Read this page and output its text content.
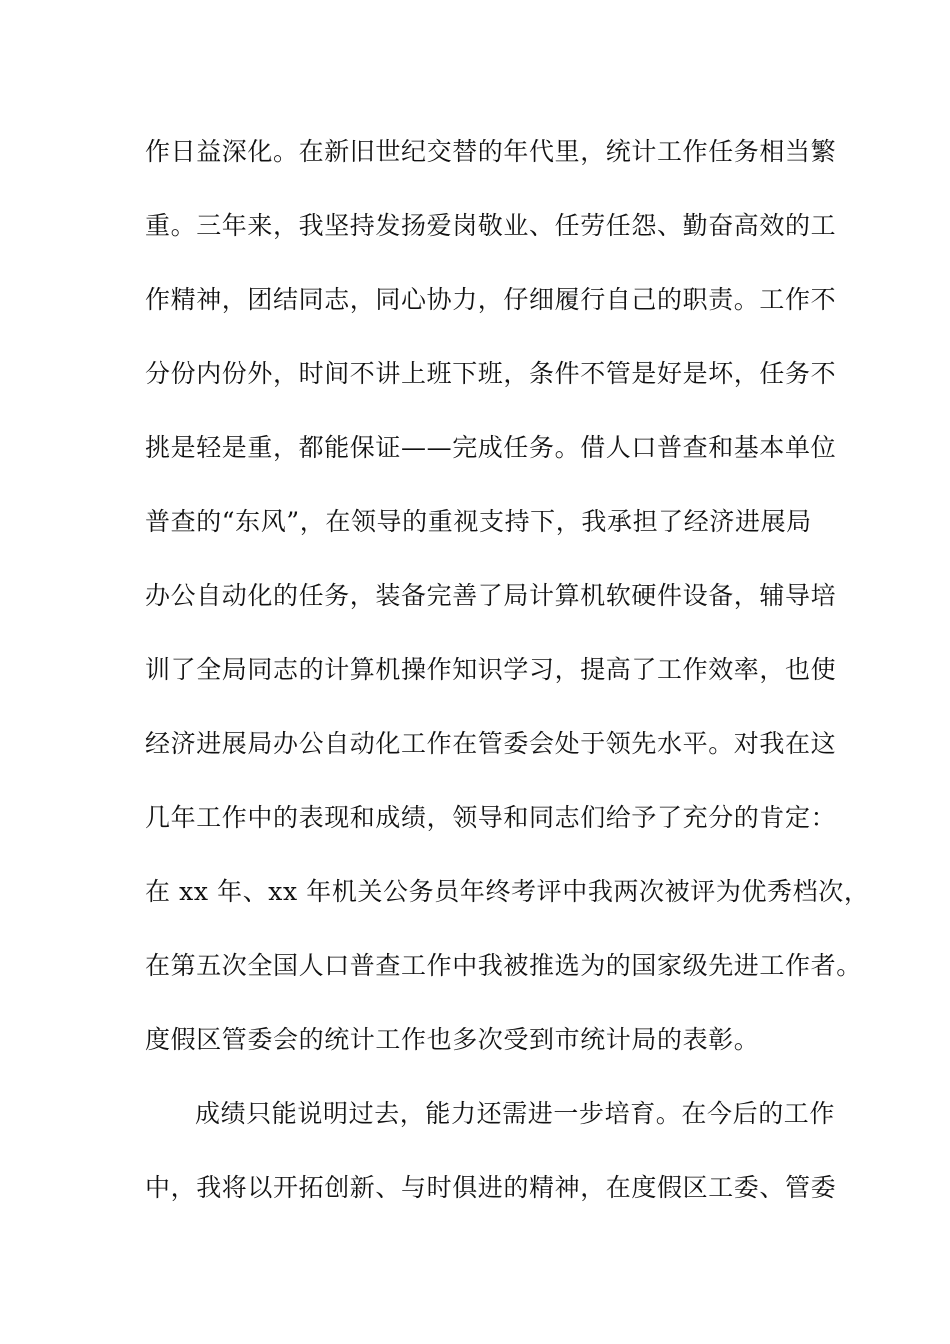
作日益深化。在新旧世纪交替的年代里，统计工作任务相当繁
重。三年来，我坚持发扬爱岗敬业、任劳任怨、勤奋高效的工
作精神，团结同志，同心协力，仔细履行自己的职责。工作不
分份内份外，时间不讲上班下班，条件不管是好是坏，任务不
挑是轻是重，都能保证——完成任务。借人口普查和基本单位
普查的“东风”，在领导的重视支持下，我承担了经济进展局
办公自动化的任务，装备完善了局计算机软硬件设备，辅导培
训了全局同志的计算机操作知识学习，提高了工作效率，也使
经济进展局办公自动化工作在管委会处于领先水平。对我在这
几年工作中的表现和成绩，领导和同志们给予了充分的肯定：
在 xx 年、xx 年机关公务员年终考评中我两次被评为优秀档次，
在第五次全国人口普查工作中我被推选为的国家级先进工作者。
度假区管委会的统计工作也多次受到市统计局的表彰。
成绩只能说明过去，能力还需进一步培育。在今后的工作
中，我将以开拓创新、与时俱进的精神，在度假区工委、管委
